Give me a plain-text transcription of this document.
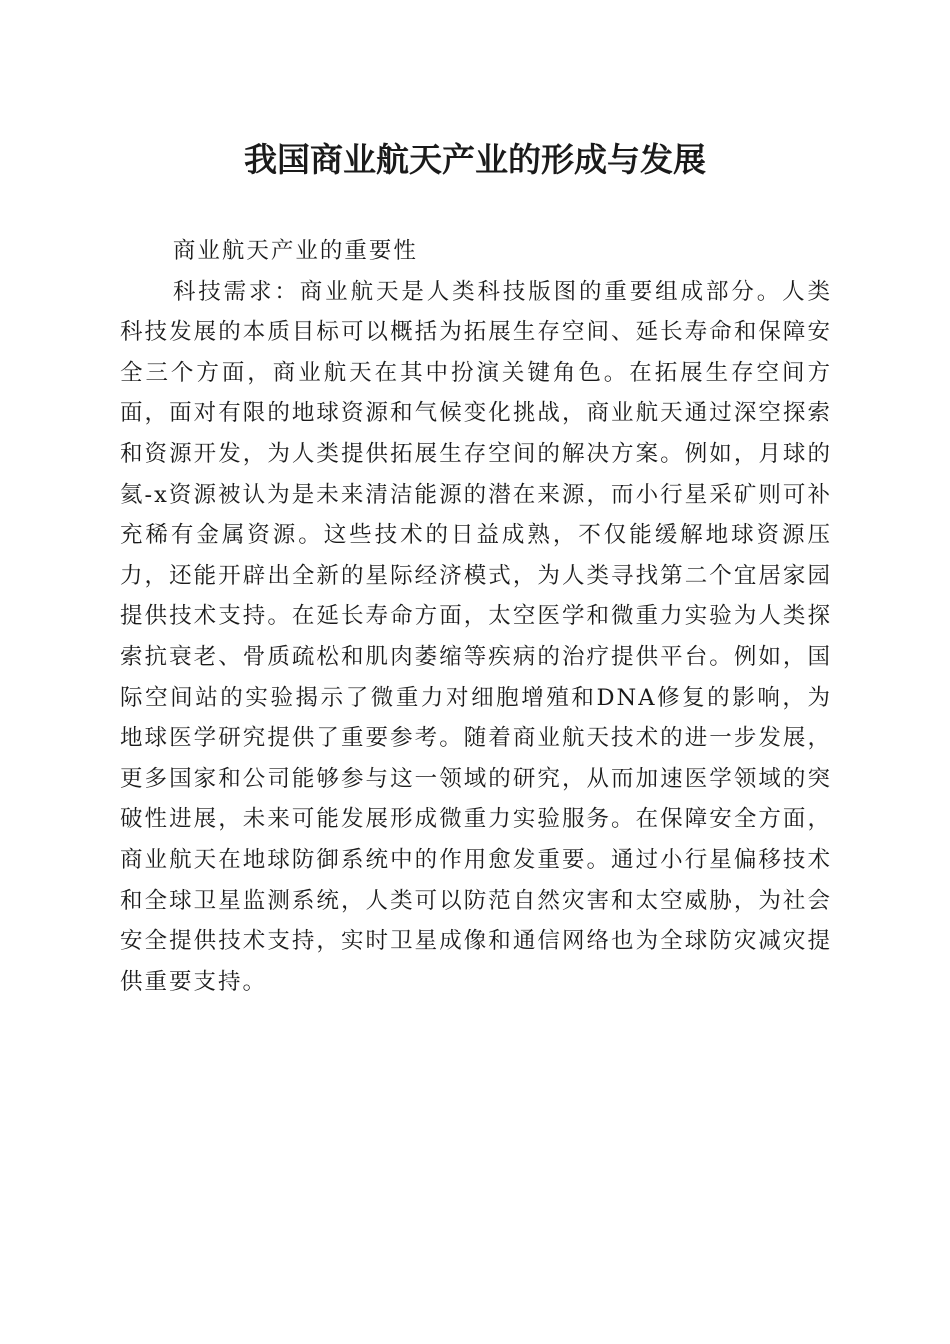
我国商业航天产业的形成与发展

商业航天产业的重要性

科技需求：商业航天是人类科技版图的重要组成部分。人类科技发展的本质目标可以概括为拓展生存空间、延长寿命和保障安全三个方面，商业航天在其中扮演关键角色。在拓展生存空间方面，面对有限的地球资源和气候变化挑战，商业航天通过深空探索和资源开发，为人类提供拓展生存空间的解决方案。例如，月球的氦-x资源被认为是未来清洁能源的潜在来源，而小行星采矿则可补充稀有金属资源。这些技术的日益成熟，不仅能缓解地球资源压力，还能开辟出全新的星际经济模式，为人类寻找第二个宜居家园提供技术支持。在延长寿命方面，太空医学和微重力实验为人类探索抗衰老、骨质疏松和肌肉萎缩等疾病的治疗提供平台。例如，国际空间站的实验揭示了微重力对细胞增殖和DNA修复的影响，为地球医学研究提供了重要参考。随着商业航天技术的进一步发展，更多国家和公司能够参与这一领域的研究，从而加速医学领域的突破性进展，未来可能发展形成微重力实验服务。在保障安全方面，商业航天在地球防御系统中的作用愈发重要。通过小行星偏移技术和全球卫星监测系统，人类可以防范自然灾害和太空威胁，为社会安全提供技术支持，实时卫星成像和通信网络也为全球防灾减灾提供重要支持。
